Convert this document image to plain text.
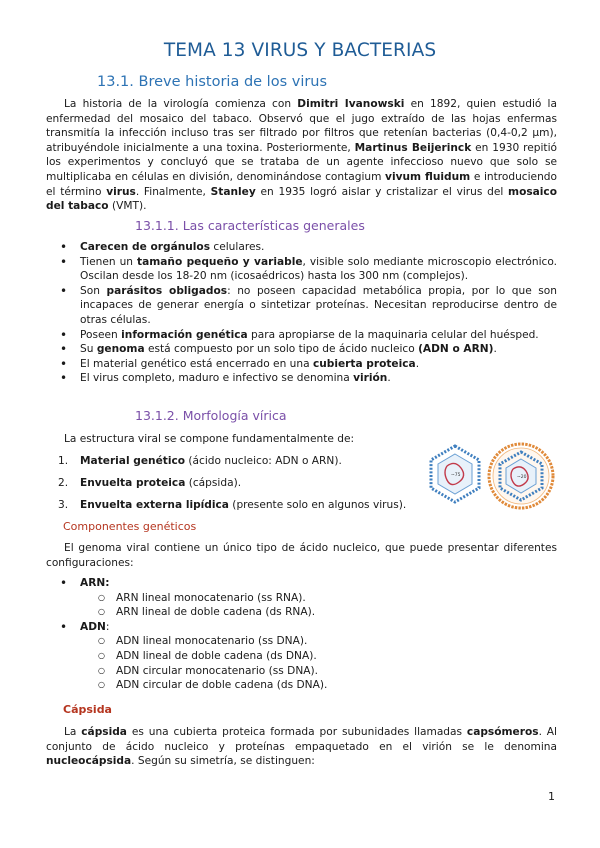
TEMA 13 VIRUS Y BACTERIAS
13.1. Breve historia de los virus

La historia de la virología comienza con Dimitri Ivanowski en 1892, quien estudió la enfermedad del mosaico del tabaco. Observó que el jugo extraído de las hojas enfermas transmitía la infección incluso tras ser filtrado por filtros que retenían bacterias (0,4-0,2 µm), atribuyéndole inicialmente a una toxina. Posteriormente, Martinus Beijerinck en 1930 repitió los experimentos y concluyó que se trataba de un agente infeccioso nuevo que solo se multiplicaba en células en división, denominándose contagium vivum fluidum e introduciendo el término virus. Finalmente, Stanley en 1935 logró aislar y cristalizar el virus del mosaico del tabaco (VMT).

13.1.1. Las características generales
• Carecen de orgánulos celulares.
• Tienen un tamaño pequeño y variable, visible solo mediante microscopio electrónico. Oscilan desde los 18-20 nm (icosaédricos) hasta los 300 nm (complejos).
• Son parásitos obligados: no poseen capacidad metabólica propia, por lo que son incapaces de generar energía o sintetizar proteínas. Necesitan reproducirse dentro de otras células.
• Poseen información genética para apropiarse de la maquinaria celular del huésped.
• Su genoma está compuesto por un solo tipo de ácido nucleico (ADN o ARN).
• El material genético está encerrado en una cubierta proteica.
• El virus completo, maduro e infectivo se denomina virión.
13.1.2. Morfología vírica

La estructura viral se compone fundamentalmente de:

1. Material genético (ácido nucleico: ADN o ARN).
2. Envuelta proteica (cápsida).
3. Envuelta externa lipídica (presente solo en algunos virus).
~75	~20
Componentes genéticos

El genoma viral contiene un único tipo de ácido nucleico, que puede presentar diferentes configuraciones:

• ARN:
○ ARN lineal monocatenario (ss RNA).
○ ARN lineal de doble cadena (ds RNA).
• ADN:
○ ADN lineal monocatenario (ss DNA).
○ ADN lineal de doble cadena (ds DNA).
○ ADN circular monocatenario (ss DNA).
○ ADN circular de doble cadena (ds DNA).
Cápsida

La cápsida es una cubierta proteica formada por subunidades llamadas capsómeros. Al conjunto de ácido nucleico y proteínas empaquetado en el virión se le denomina nucleocápsida. Según su simetría, se distinguen:

1
